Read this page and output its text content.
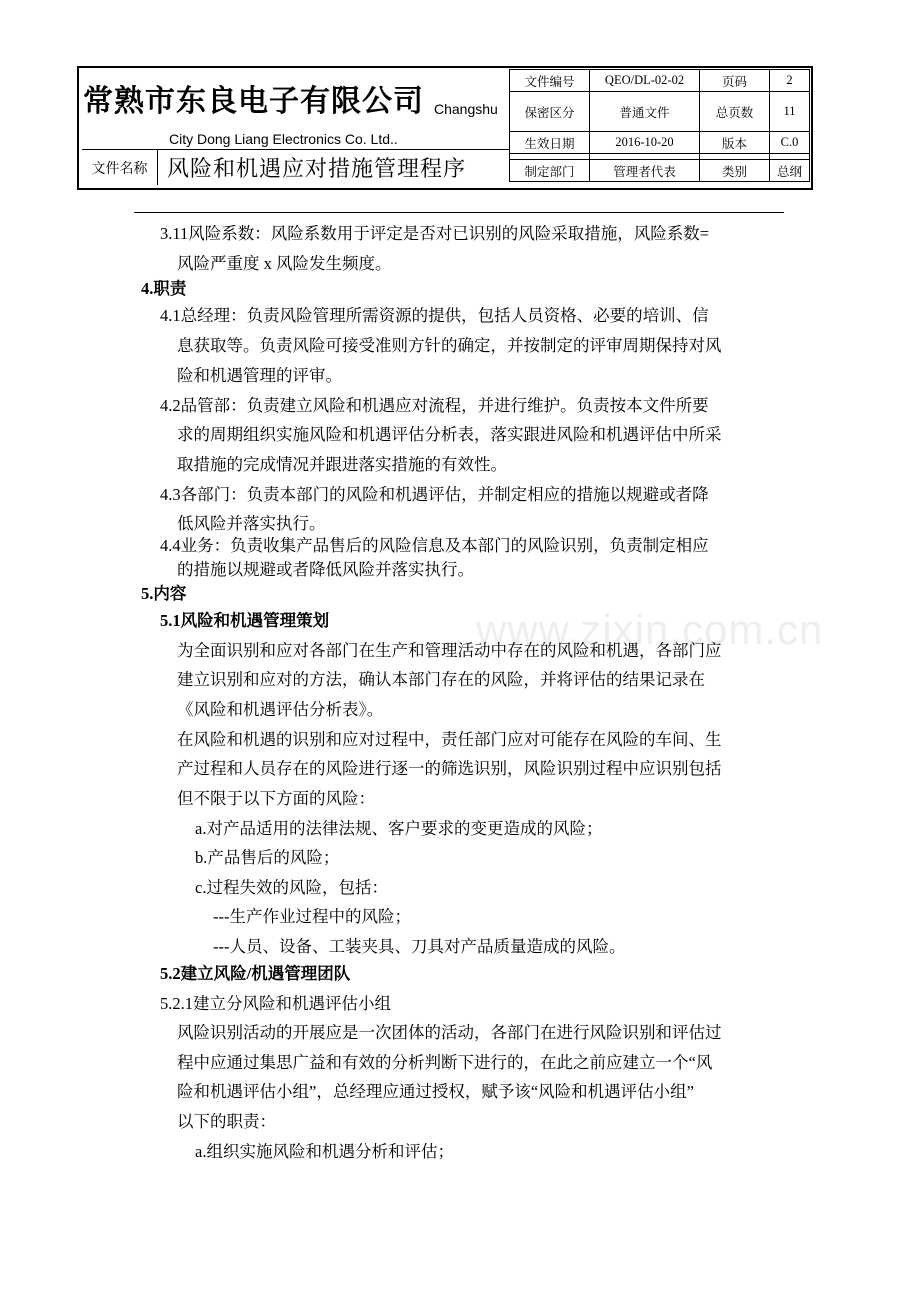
常熟市东良电子有限公司 Changshu
City Dong Liang Electronics Co. Ltd..
文件名称 风险和机遇应对措施管理程序
文件编号	QEO/DL-02-02	页码	2
保密区分	普通文件	总页数	11
生效日期	2016-10-20	版本	C.0

制定部门	管理者代表	类别	总纲
www.zixin.com.cn
3.11风险系数：风险系数用于评定是否对已识别的风险采取措施，风险系数=
风险严重度 x 风险发生频度。
4.职责
4.1总经理：负责风险管理所需资源的提供，包括人员资格、必要的培训、信
息获取等。负责风险可接受准则方针的确定，并按制定的评审周期保持对风
险和机遇管理的评审。
4.2品管部：负责建立风险和机遇应对流程，并进行维护。负责按本文件所要
求的周期组织实施风险和机遇评估分析表，落实跟进风险和机遇评估中所采
取措施的完成情况并跟进落实措施的有效性。
4.3各部门：负责本部门的风险和机遇评估，并制定相应的措施以规避或者降
低风险并落实执行。
4.4业务：负责收集产品售后的风险信息及本部门的风险识别，负责制定相应
的措施以规避或者降低风险并落实执行。
5.内容
5.1风险和机遇管理策划
为全面识别和应对各部门在生产和管理活动中存在的风险和机遇，各部门应
建立识别和应对的方法，确认本部门存在的风险，并将评估的结果记录在
《风险和机遇评估分析表》。
在风险和机遇的识别和应对过程中，责任部门应对可能存在风险的车间、生
产过程和人员存在的风险进行逐一的筛选识别，风险识别过程中应识别包括
但不限于以下方面的风险：
a.对产品适用的法律法规、客户要求的变更造成的风险；
b.产品售后的风险；
c.过程失效的风险，包括：
---生产作业过程中的风险；
---人员、设备、工装夹具、刀具对产品质量造成的风险。
5.2建立风险/机遇管理团队
5.2.1建立分风险和机遇评估小组
风险识别活动的开展应是一次团体的活动，各部门在进行风险识别和评估过
程中应通过集思广益和有效的分析判断下进行的，在此之前应建立一个“风
险和机遇评估小组”，总经理应通过授权，赋予该“风险和机遇评估小组”
以下的职责：
a.组织实施风险和机遇分析和评估；
